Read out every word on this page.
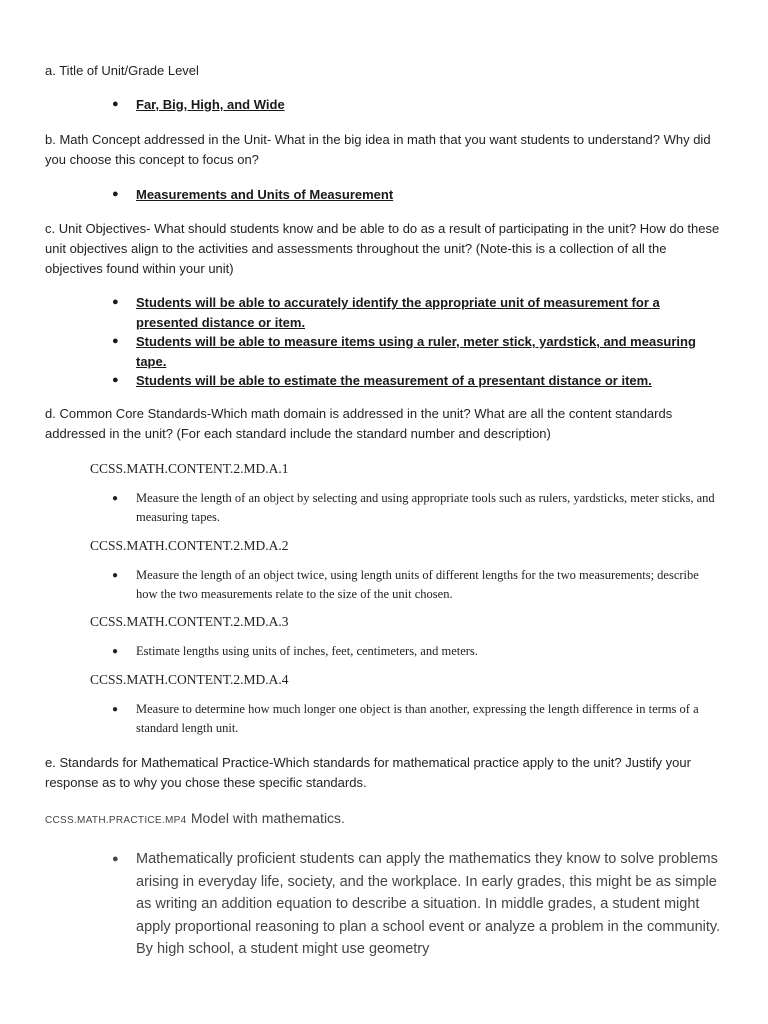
a. Title of Unit/Grade Level
● Far, Big, High, and Wide
b. Math Concept addressed in the Unit- What in the big idea in math that you want students to understand? Why did you choose this concept to focus on?
● Measurements and Units of Measurement
c. Unit Objectives- What should students know and be able to do as a result of participating in the unit? How do these unit objectives align to the activities and assessments throughout the unit? (Note-this is a collection of all the objectives found within your unit)
● Students will be able to accurately identify the appropriate unit of measurement for a presented distance or item.
● Students will be able to measure items using a ruler, meter stick, yardstick, and measuring tape.
● Students will be able to estimate the measurement of a presentant distance or item.
d. Common Core Standards-Which math domain is addressed in the unit? What are all the content standards addressed in the unit? (For each standard include the standard number and description)
CCSS.MATH.CONTENT.2.MD.A.1
● Measure the length of an object by selecting and using appropriate tools such as rulers, yardsticks, meter sticks, and measuring tapes.
CCSS.MATH.CONTENT.2.MD.A.2
● Measure the length of an object twice, using length units of different lengths for the two measurements; describe how the two measurements relate to the size of the unit chosen.
CCSS.MATH.CONTENT.2.MD.A.3
● Estimate lengths using units of inches, feet, centimeters, and meters.
CCSS.MATH.CONTENT.2.MD.A.4
● Measure to determine how much longer one object is than another, expressing the length difference in terms of a standard length unit.
e. Standards for Mathematical Practice-Which standards for mathematical practice apply to the unit? Justify your response as to why you chose these specific standards.
CCSS.MATH.PRACTICE.MP4 Model with mathematics.
● Mathematically proficient students can apply the mathematics they know to solve problems arising in everyday life, society, and the workplace. In early grades, this might be as simple as writing an addition equation to describe a situation. In middle grades, a student might apply proportional reasoning to plan a school event or analyze a problem in the community. By high school, a student might use geometry
